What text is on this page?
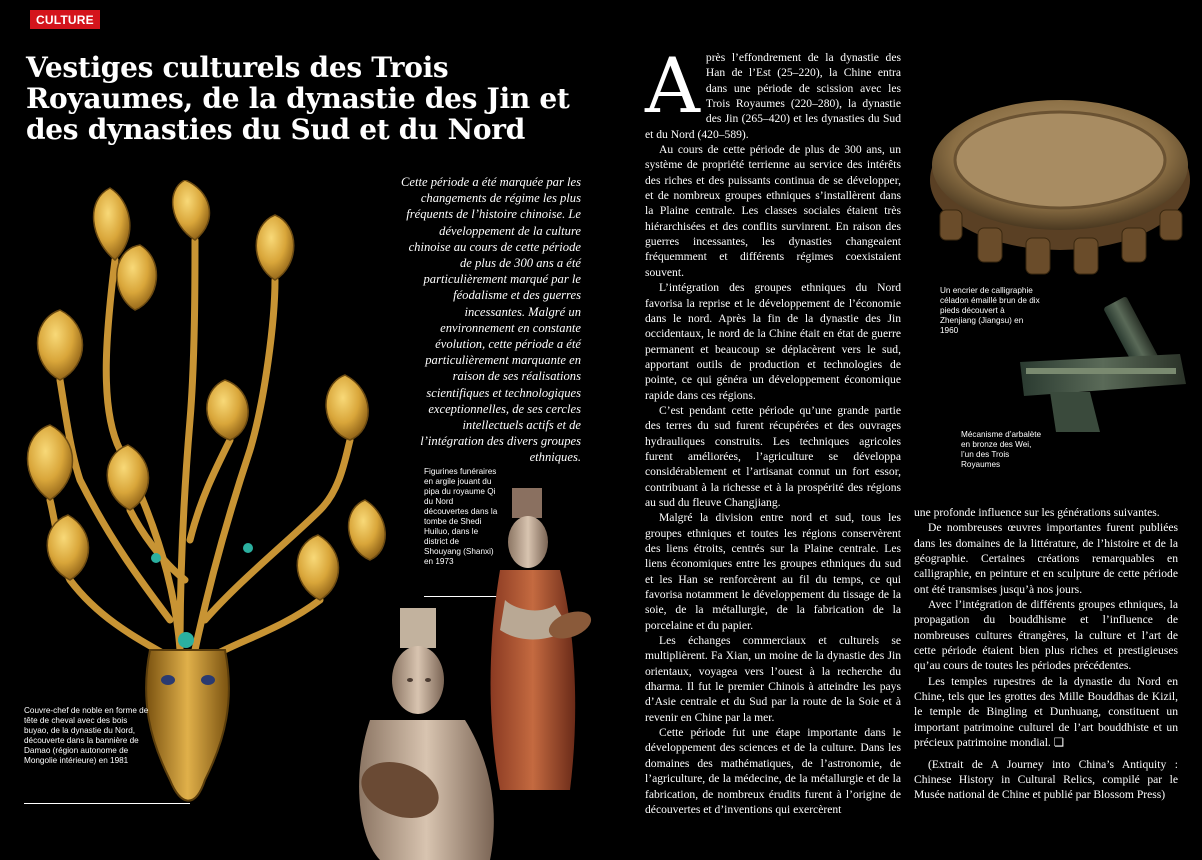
CULTURE
Vestiges culturels des Trois Royaumes, de la dynastie des Jin et des dynasties du Sud et du Nord

Cette période a été marquée par les changements de régime les plus fréquents de l’histoire chinoise. Le développement de la culture chinoise au cours de cette période de plus de 300 ans a été particulièrement marqué par le féodalisme et des guerres incessantes. Malgré un environnement en constante évolution, cette période a été particulièrement marquante en raison de ses réalisations scientifiques et technologiques exceptionnelles, de ses cercles intellectuels actifs et de l’intégration des divers groupes ethniques.

Couvre-chef de noble en forme de tête de cheval avec des bois buyao, de la dynastie du Nord, découverte dans la bannière de Damao (région autonome de Mongolie intérieure) en 1981

Figurines funéraires en argile jouant du pipa du royaume Qi du Nord découvertes dans la tombe de Shedi Huiluo, dans le district de Shouyang (Shanxi) en 1973

Un encrier de calligraphie céladon émaillé brun de dix pieds découvert à Zhenjiang (Jiangsu) en 1960

Mécanisme d’arbalète en bronze des Wei, l’un des Trois Royaumes

Après l’effondrement de la dynastie des Han de l’Est (25–220), la Chine entra dans une période de scission avec les Trois Royaumes (220–280), la dynastie des Jin (265–420) et les dynasties du Sud et du Nord (420–589).

Au cours de cette période de plus de 300 ans, un système de propriété terrienne au service des intérêts des riches et des puissants continua de se développer, et de nombreux groupes ethniques s’installèrent dans la Plaine centrale. Les classes sociales étaient très hiérarchisées et des conflits survinrent. En raison des guerres incessantes, les dynasties changeaient fréquemment et différents régimes coexistaient souvent.

L’intégration des groupes ethniques du Nord favorisa la reprise et le développement de l’économie dans le nord. Après la fin de la dynastie des Jin occidentaux, le nord de la Chine était en état de guerre permanent et beaucoup se déplacèrent vers le sud, apportant outils de production et technologies de pointe, ce qui généra un développement économique rapide dans ces régions.

C’est pendant cette période qu’une grande partie des terres du sud furent récupérées et des ouvrages hydrauliques construits. Les techniques agricoles furent améliorées, l’agriculture se développa considérablement et l’artisanat connut un fort essor, contribuant à la richesse et à la prospérité des régions au sud du fleuve Changjiang.

Malgré la division entre nord et sud, tous les groupes ethniques et toutes les régions conservèrent des liens étroits, centrés sur la Plaine centrale. Les liens économiques entre les groupes ethniques du sud et les Han se renforcèrent au fil du temps, ce qui favorisa notamment le développement du tissage de la soie, de la métallurgie, de la fabrication de la porcelaine et du papier.

Les échanges commerciaux et culturels se multiplièrent. Fa Xian, un moine de la dynastie des Jin orientaux, voyagea vers l’ouest à la recherche du dharma. Il fut le premier Chinois à atteindre les pays d’Asie centrale et du Sud par la route de la Soie et à revenir en Chine par la mer.

Cette période fut une étape importante dans le développement des sciences et de la culture. Dans les domaines des mathématiques, de l’astronomie, de l’agriculture, de la médecine, de la métallurgie et de la fabrication, de nombreux érudits furent à l’origine de découvertes et d’inventions qui exercèrent

une profonde influence sur les générations suivantes.

De nombreuses œuvres importantes furent publiées dans les domaines de la littérature, de l’histoire et de la géographie. Certaines créations remarquables en calligraphie, en peinture et en sculpture de cette période ont été transmises jusqu’à nos jours.

Avec l’intégration de différents groupes ethniques, la propagation du bouddhisme et l’influence de nombreuses cultures étrangères, la culture et l’art de cette période étaient bien plus riches et prestigieuses qu’au cours de toutes les périodes précédentes.

Les temples rupestres de la dynastie du Nord en Chine, tels que les grottes des Mille Bouddhas de Kizil, le temple de Bingling et Dunhuang, constituent un important patrimoine culturel de l’art bouddhiste et un précieux patrimoine mondial. ❏

(Extrait de A Journey into China’s Antiquity : Chinese History in Cultural Relics, compilé par le Musée national de Chine et publié par Blossom Press)
